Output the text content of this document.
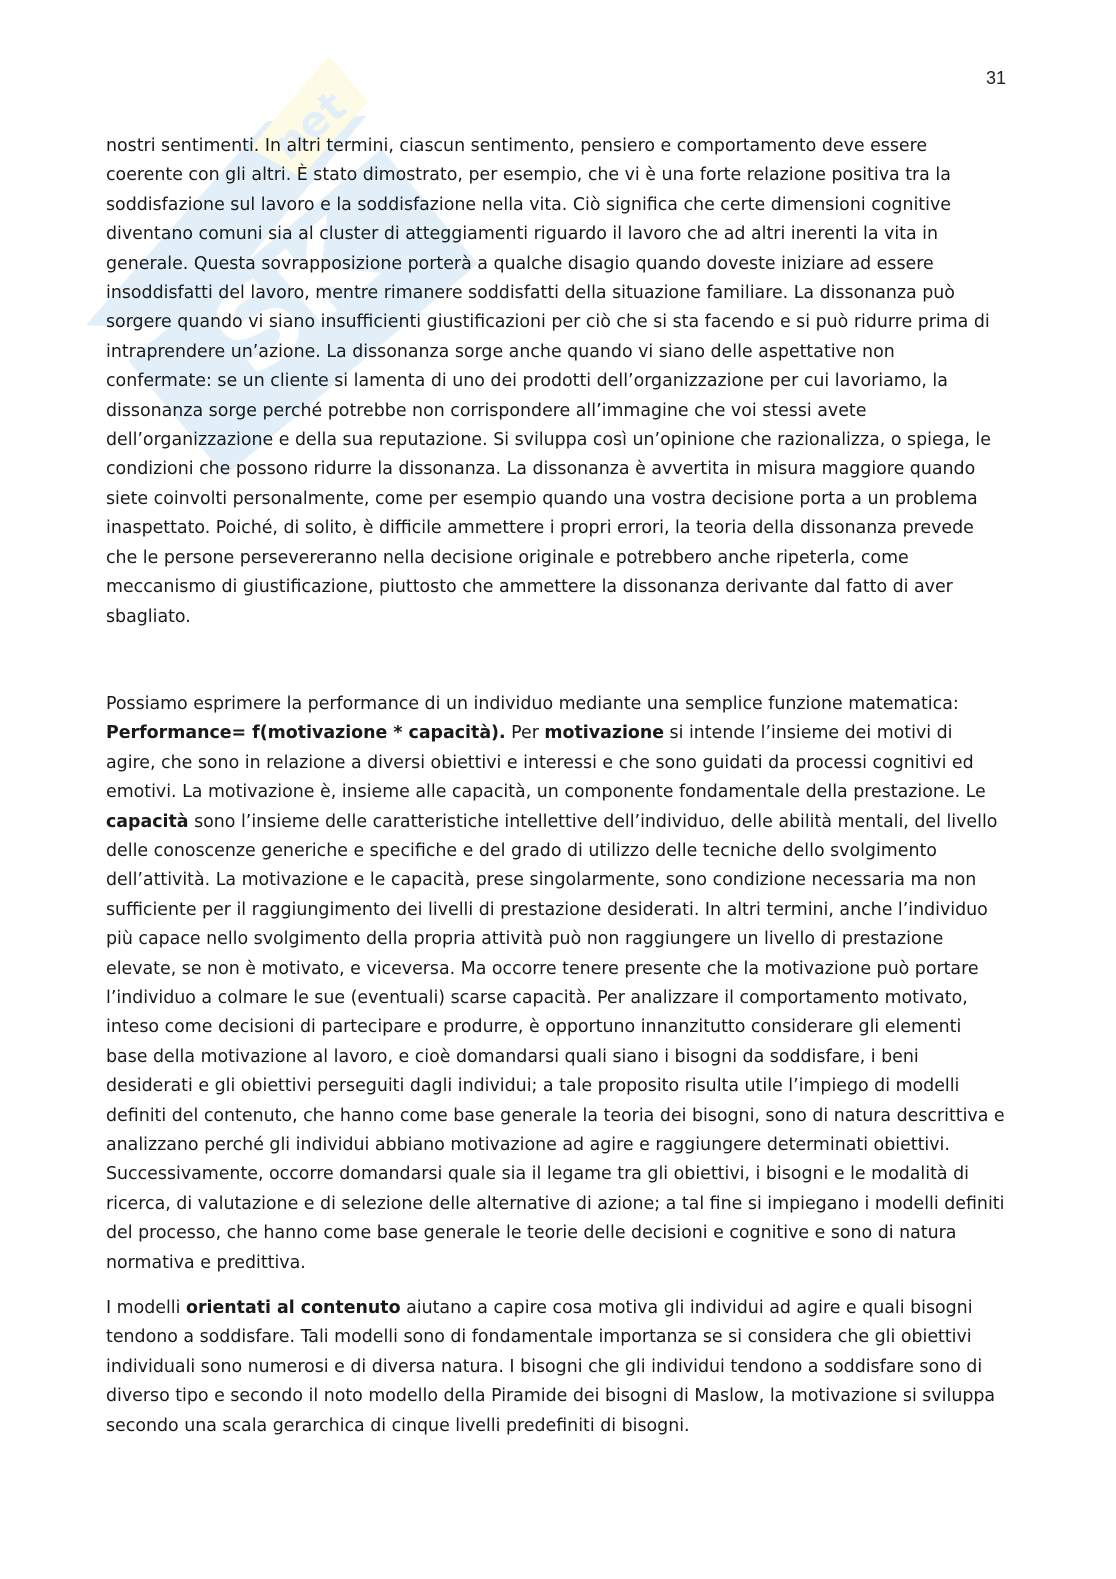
SK
net
31

nostri sentimenti. In altri termini, ciascun sentimento, pensiero e comportamento deve essere coerente con gli altri. È stato dimostrato, per esempio, che vi è una forte relazione positiva tra la soddisfazione sul lavoro e la soddisfazione nella vita. Ciò significa che certe dimensioni cognitive diventano comuni sia al cluster di atteggiamenti riguardo il lavoro che ad altri inerenti la vita in generale. Questa sovrapposizione porterà a qualche disagio quando doveste iniziare ad essere insoddisfatti del lavoro, mentre rimanere soddisfatti della situazione familiare. La dissonanza può sorgere quando vi siano insufficienti giustificazioni per ciò che si sta facendo e si può ridurre prima di intraprendere un’azione. La dissonanza sorge anche quando vi siano delle aspettative non confermate: se un cliente si lamenta di uno dei prodotti dell’organizzazione per cui lavoriamo, la dissonanza sorge perché potrebbe non corrispondere all’immagine che voi stessi avete dell’organizzazione e della sua reputazione. Si sviluppa così un’opinione che razionalizza, o spiega, le condizioni che possono ridurre la dissonanza. La dissonanza è avvertita in misura maggiore quando siete coinvolti personalmente, come per esempio quando una vostra decisione porta a un problema inaspettato. Poiché, di solito, è difficile ammettere i propri errori, la teoria della dissonanza prevede che le persone persevereranno nella decisione originale e potrebbero anche ripeterla, come meccanismo di giustificazione, piuttosto che ammettere la dissonanza derivante dal fatto di aver sbagliato.

Possiamo esprimere la performance di un individuo mediante una semplice funzione matematica: Performance= f(motivazione * capacità). Per motivazione si intende l’insieme dei motivi di agire, che sono in relazione a diversi obiettivi e interessi e che sono guidati da processi cognitivi ed emotivi. La motivazione è, insieme alle capacità, un componente fondamentale della prestazione. Le capacità sono l’insieme delle caratteristiche intellettive dell’individuo, delle abilità mentali, del livello delle conoscenze generiche e specifiche e del grado di utilizzo delle tecniche dello svolgimento dell’attività. La motivazione e le capacità, prese singolarmente, sono condizione necessaria ma non sufficiente per il raggiungimento dei livelli di prestazione desiderati. In altri termini, anche l’individuo più capace nello svolgimento della propria attività può non raggiungere un livello di prestazione elevate, se non è motivato, e viceversa. Ma occorre tenere presente che la motivazione può portare l’individuo a colmare le sue (eventuali) scarse capacità. Per analizzare il comportamento motivato, inteso come decisioni di partecipare e produrre, è opportuno innanzitutto considerare gli elementi base della motivazione al lavoro, e cioè domandarsi quali siano i bisogni da soddisfare, i beni desiderati e gli obiettivi perseguiti dagli individui; a tale proposito risulta utile l’impiego di modelli definiti del contenuto, che hanno come base generale la teoria dei bisogni, sono di natura descrittiva e analizzano perché gli individui abbiano motivazione ad agire e raggiungere determinati obiettivi. Successivamente, occorre domandarsi quale sia il legame tra gli obiettivi, i bisogni e le modalità di ricerca, di valutazione e di selezione delle alternative di azione; a tal fine si impiegano i modelli definiti del processo, che hanno come base generale le teorie delle decisioni e cognitive e sono di natura normativa e predittiva.

I modelli orientati al contenuto aiutano a capire cosa motiva gli individui ad agire e quali bisogni tendono a soddisfare. Tali modelli sono di fondamentale importanza se si considera che gli obiettivi individuali sono numerosi e di diversa natura. I bisogni che gli individui tendono a soddisfare sono di diverso tipo e secondo il noto modello della Piramide dei bisogni di Maslow, la motivazione si sviluppa secondo una scala gerarchica di cinque livelli predefiniti di bisogni.
